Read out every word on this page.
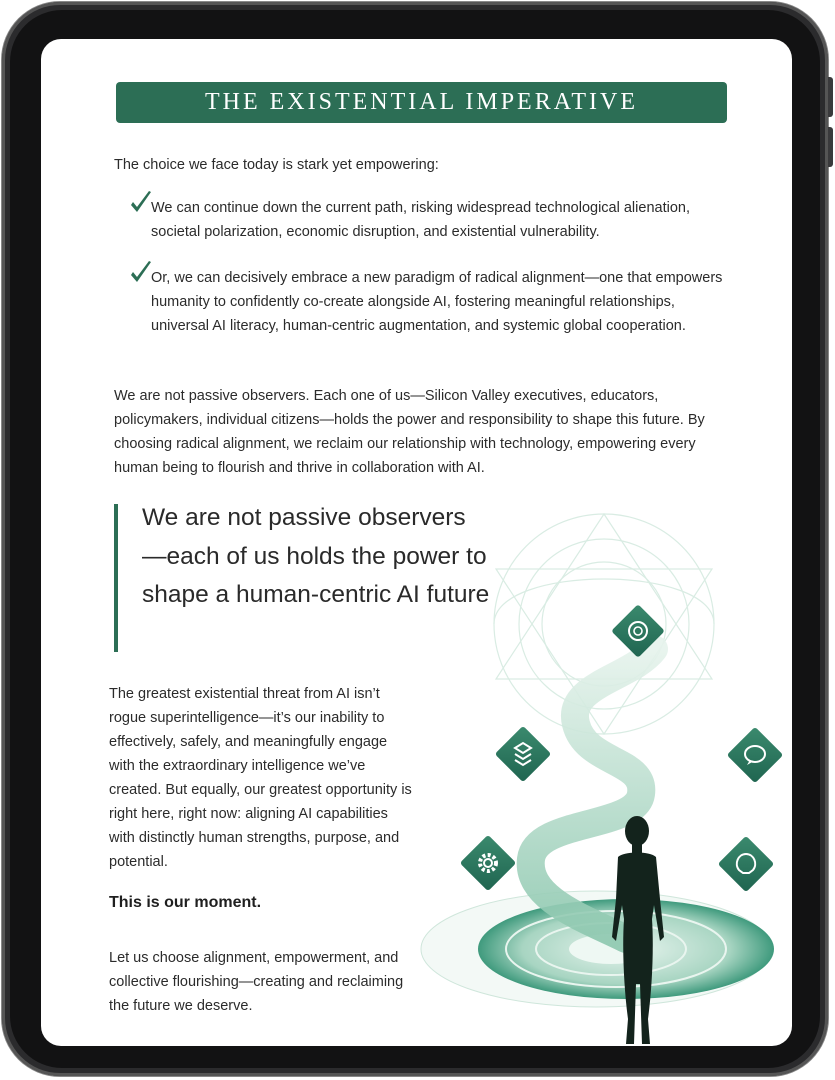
THE EXISTENTIAL IMPERATIVE
The choice we face today is stark yet empowering:
We can continue down the current path, risking widespread technological alienation, societal polarization, economic disruption, and existential vulnerability.
Or, we can decisively embrace a new paradigm of radical alignment—one that empowers humanity to confidently co-create alongside AI, fostering meaningful relationships, universal AI literacy, human-centric augmentation, and systemic global cooperation.
We are not passive observers. Each one of us—Silicon Valley executives, educators, policymakers, individual citizens—holds the power and responsibility to shape this future. By choosing radical alignment, we reclaim our relationship with technology, empowering every human being to flourish and thrive in collaboration with AI.
We are not passive observers —each of us holds the power to shape a human-centric AI future
The greatest existential threat from AI isn’t rogue superintelligence—it’s our inability to effectively, safely, and meaningfully engage with the extraordinary intelligence we’ve created. But equally, our greatest opportunity is right here, right now: aligning AI capabilities with distinctly human strengths, purpose, and potential.
This is our moment.
Let us choose alignment, empowerment, and collective flourishing—creating and reclaiming the future we deserve.
